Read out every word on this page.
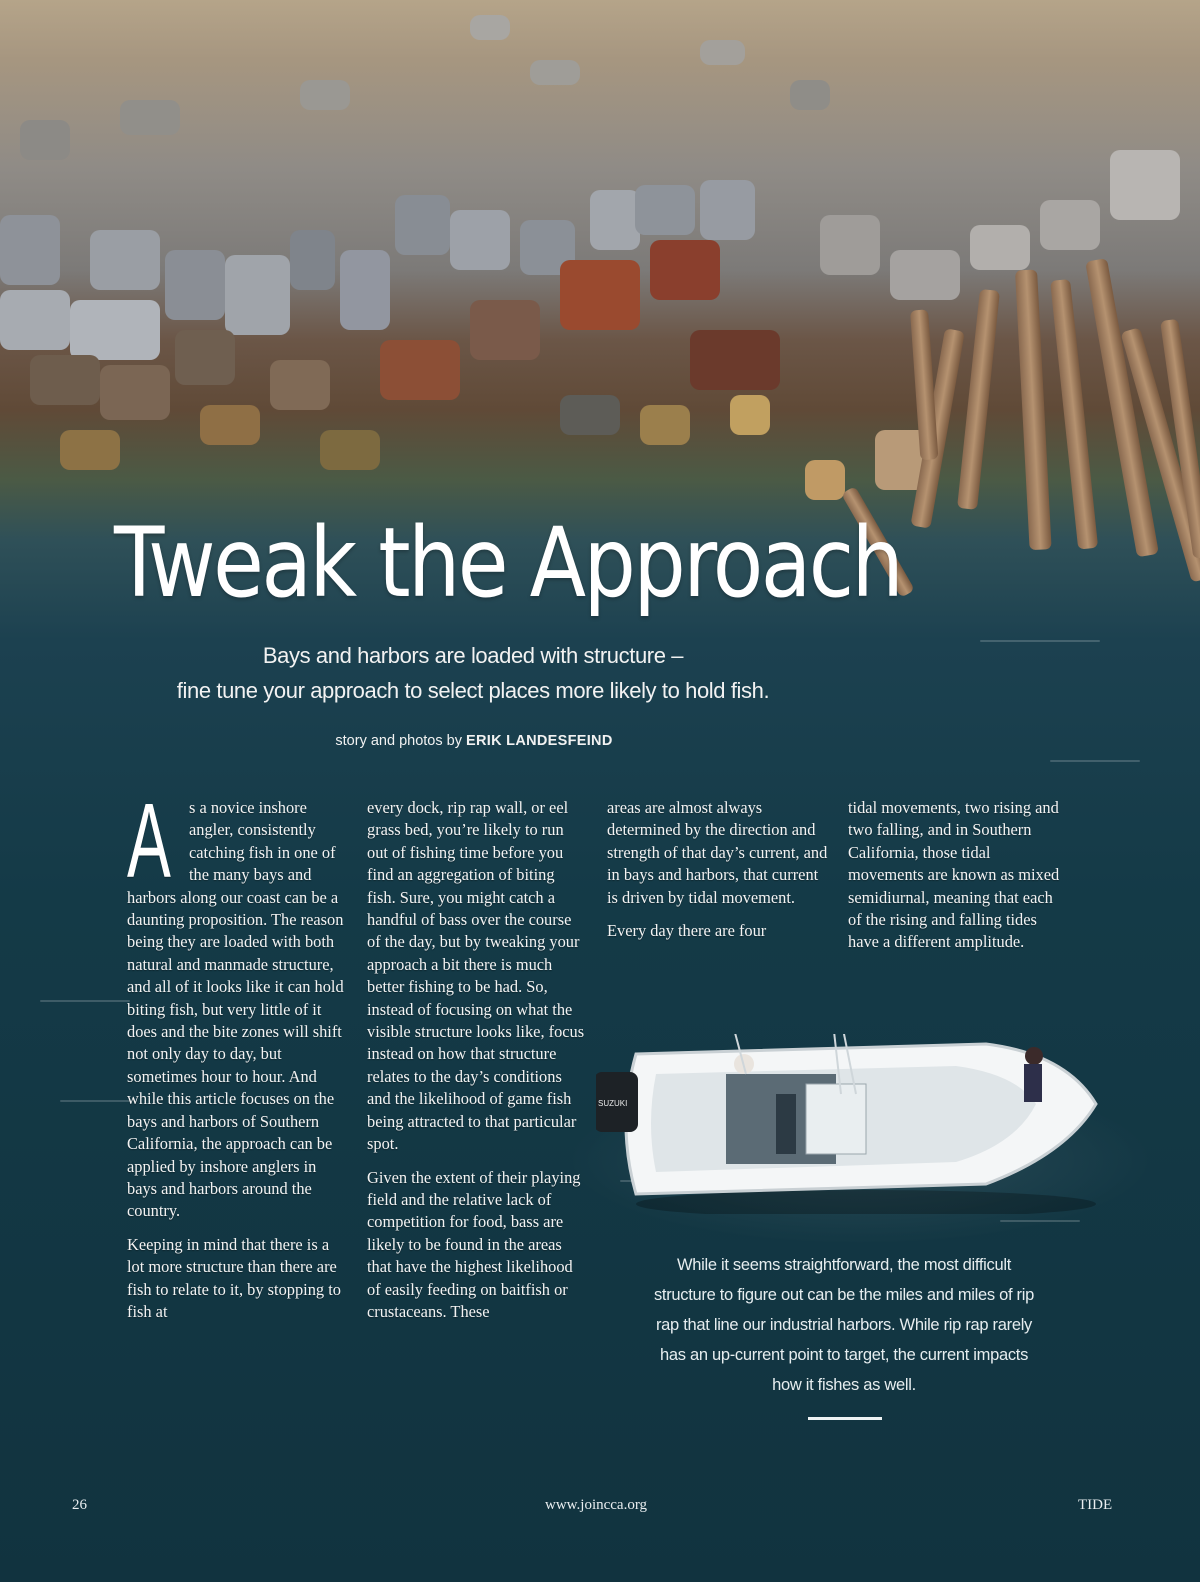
Tweak the Approach
Bays and harbors are loaded with structure –
fine tune your approach to select places more likely to hold fish.
story and photos by ERIK LANDESFEIND

A s a novice inshore angler, consistently catching fish in one of the many bays and harbors along our coast can be a daunting proposition. The reason being they are loaded with both natural and manmade structure, and all of it looks like it can hold biting fish, but very little of it does and the bite zones will shift not only day to day, but sometimes hour to hour. And while this article focuses on the bays and harbors of Southern California, the approach can be applied by inshore anglers in bays and harbors around the country.

Keeping in mind that there is a lot more structure than there are fish to relate to it, by stopping to fish at

every dock, rip rap wall, or eel grass bed, you’re likely to run out of fishing time before you find an aggregation of biting fish. Sure, you might catch a handful of bass over the course of the day, but by tweaking your approach a bit there is much better fishing to be had. So, instead of focusing on what the visible structure looks like, focus instead on how that structure relates to the day’s conditions and the likelihood of game fish being attracted to that particular spot.

Given the extent of their playing field and the relative lack of competition for food, bass are likely to be found in the areas that have the highest likelihood of easily feeding on baitfish or crustaceans. These

areas are almost always determined by the direction and strength of that day’s current, and in bays and harbors, that current is driven by tidal movement.

Every day there are four

tidal movements, two rising and two falling, and in Southern California, those tidal movements are known as mixed semidiurnal, meaning that each of the rising and falling tides have a different amplitude.

SUZUKI
While it seems straightforward, the most difficult structure to figure out can be the miles and miles of rip rap that line our industrial harbors. While rip rap rarely has an up-current point to target, the current impacts how it fishes as well.
26	www.joincca.org	TIDE
